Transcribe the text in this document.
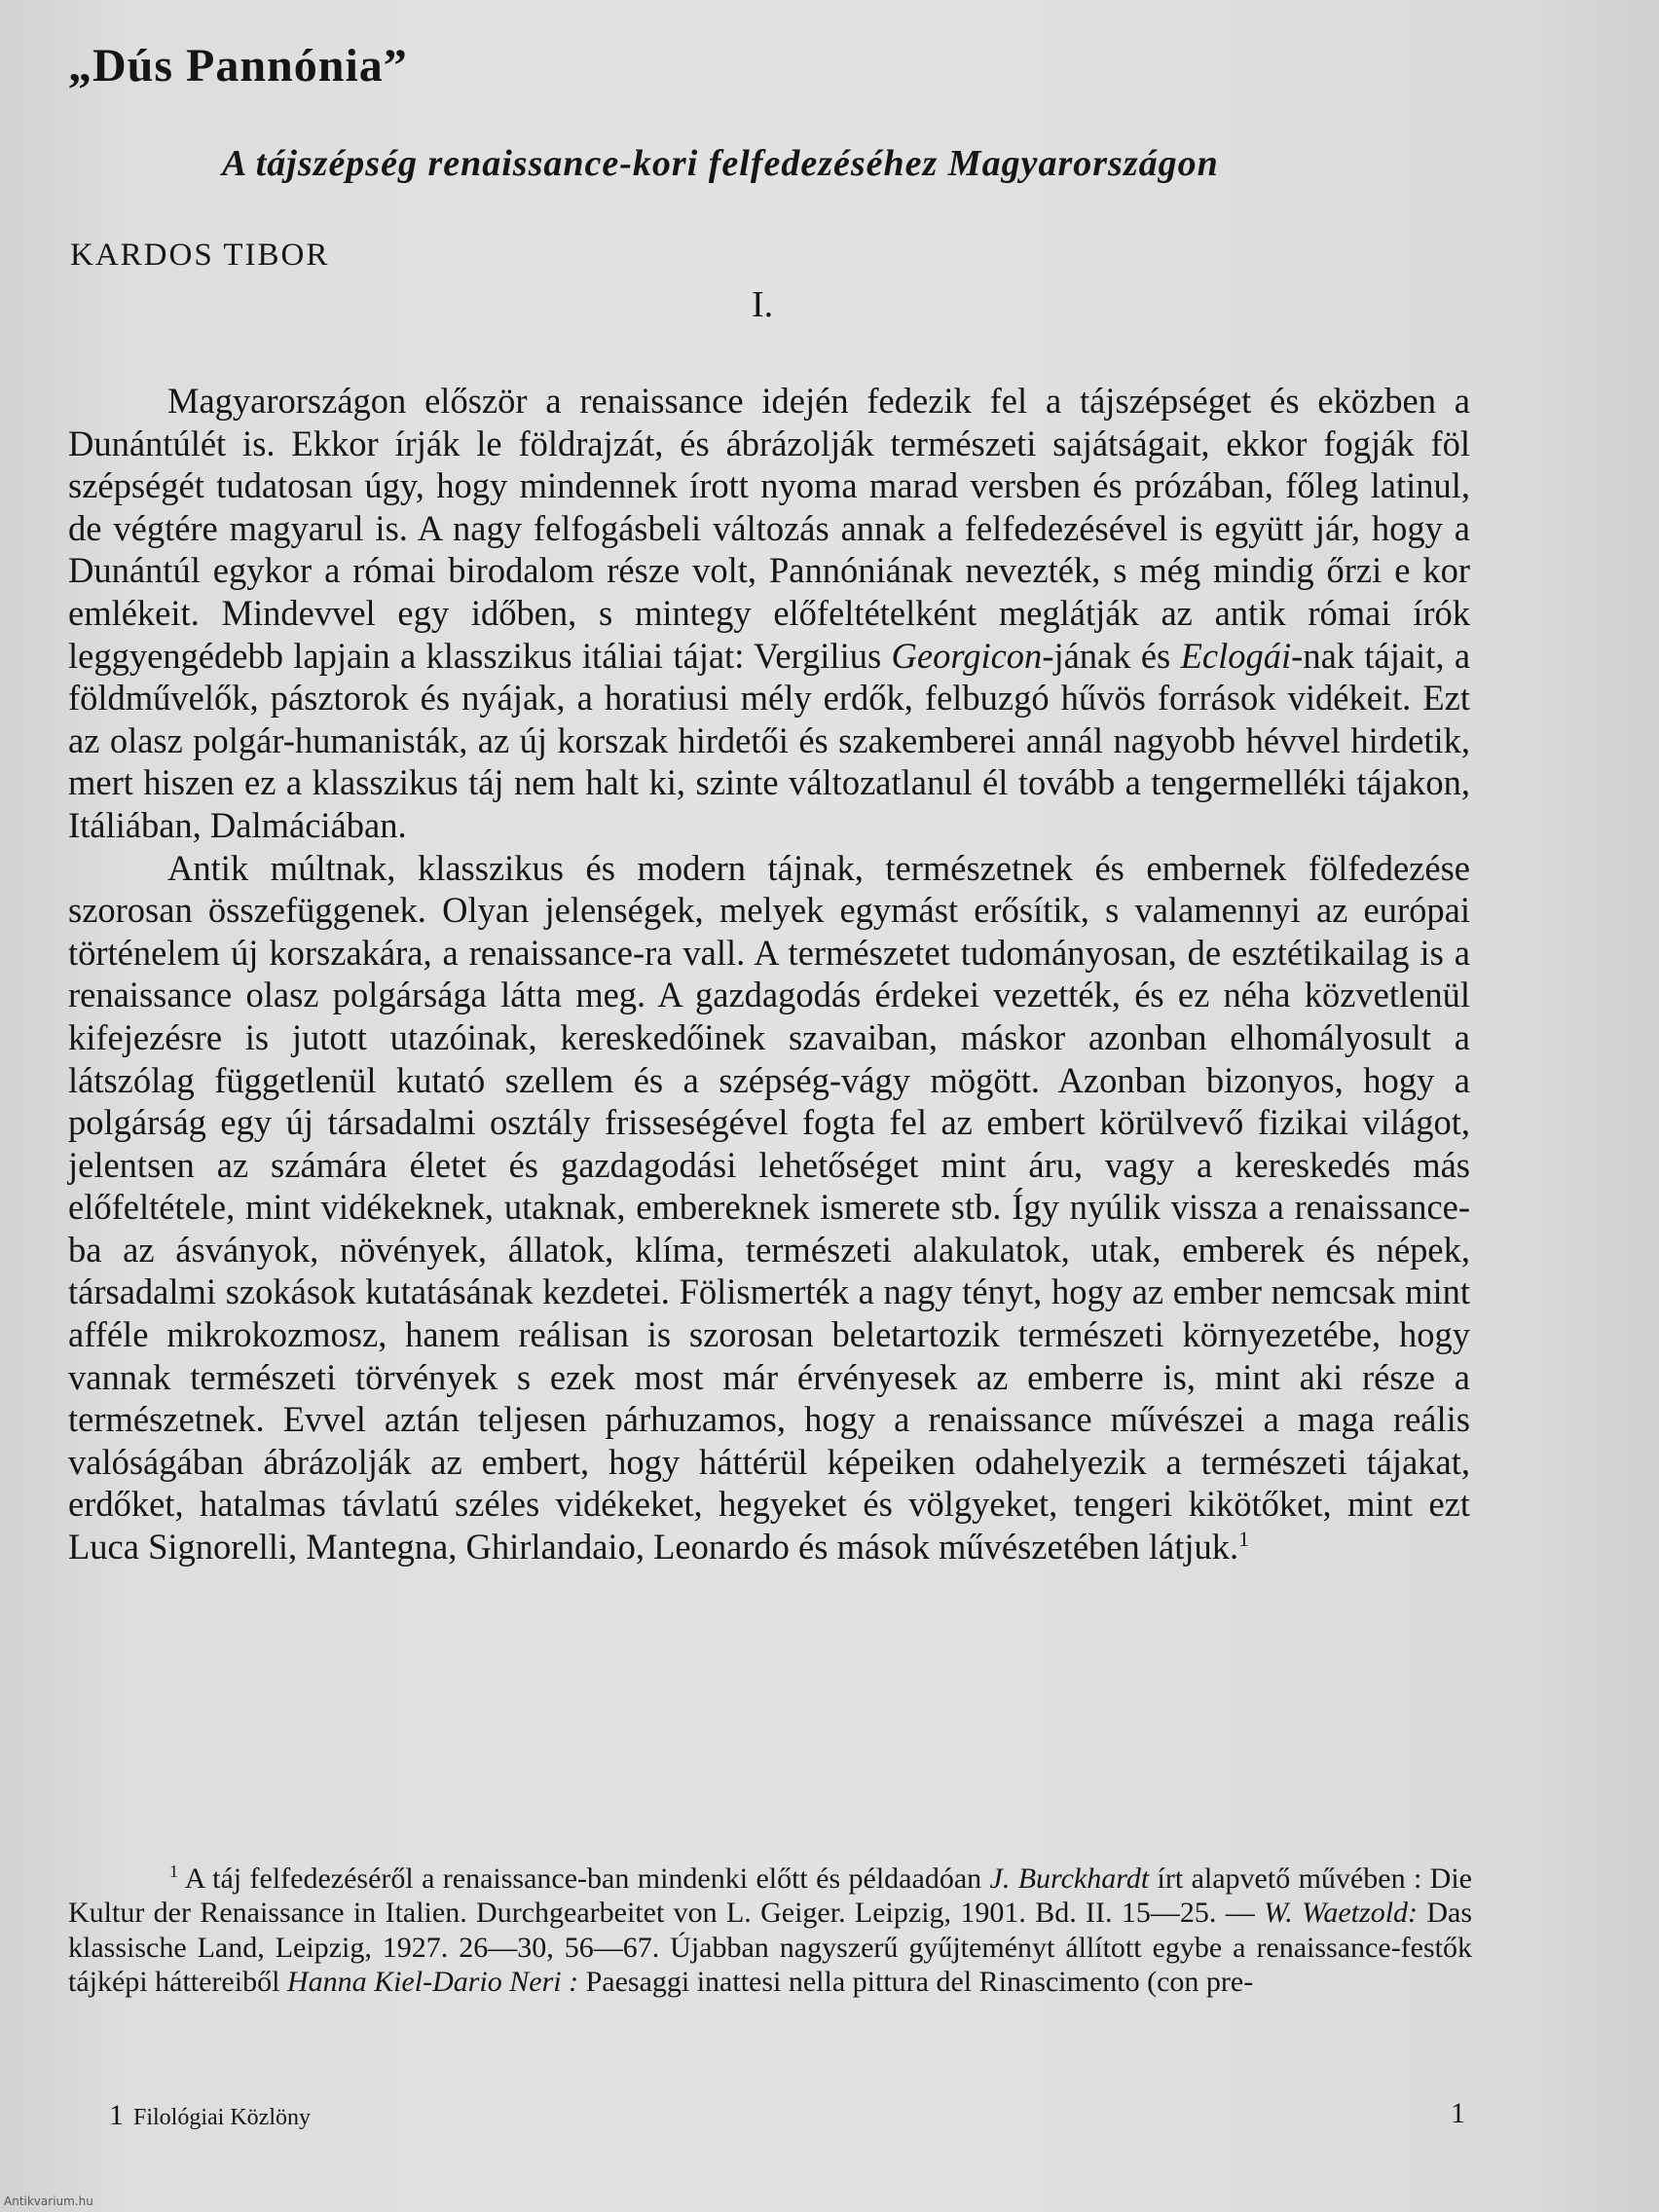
„Dús Pannónia”
A tájszépség renaissance-kori felfedezéséhez Magyarországon
KARDOS TIBOR
I.

Magyarországon először a renaissance idején fedezik fel a tájszépséget és eközben a Dunántúlét is. Ekkor írják le földrajzát, és ábrázolják természeti sajátságait, ekkor fogják föl szépségét tudatosan úgy, hogy mindennek írott nyoma marad versben és prózában, főleg latinul, de végtére magyarul is. A nagy felfogásbeli változás annak a felfedezésével is együtt jár, hogy a Dunántúl egykor a római birodalom része volt, Pannóniának nevezték, s még mindig őrzi e kor emlékeit. Mindevvel egy időben, s mintegy előfeltételként meglátják az antik római írók leggyengédebb lapjain a klasszikus itáliai tájat: Vergilius Georgicon-jának és Eclogái-nak tájait, a földművelők, pásztorok és nyájak, a horatiusi mély erdők, felbuzgó hűvös források vidékeit. Ezt az olasz polgár-humanisták, az új korszak hirdetői és szakemberei annál nagyobb hévvel hirdetik, mert hiszen ez a klasszikus táj nem halt ki, szinte változatlanul él tovább a tengermelléki tájakon, Itáliában, Dalmáciában.

Antik múltnak, klasszikus és modern tájnak, természetnek és embernek fölfedezése szorosan összefüggenek. Olyan jelenségek, melyek egymást erősítik, s valamennyi az európai történelem új korszakára, a renaissance-ra vall. A természetet tudományosan, de esztétikailag is a renaissance olasz polgársága látta meg. A gazdagodás érdekei vezették, és ez néha közvetlenül kifejezésre is jutott utazóinak, kereskedőinek szavaiban, máskor azonban elhomályosult a látszólag függetlenül kutató szellem és a szépség-vágy mögött. Azonban bizonyos, hogy a polgárság egy új társadalmi osztály frisseségével fogta fel az embert körülvevő fizikai világot, jelentsen az számára életet és gazdagodási lehetőséget mint áru, vagy a kereskedés más előfeltétele, mint vidékeknek, utaknak, embereknek ismerete stb. Így nyúlik vissza a renaissance-ba az ásványok, növények, állatok, klíma, természeti alakulatok, utak, emberek és népek, társadalmi szokások kutatásának kezdetei. Fölismerték a nagy tényt, hogy az ember nemcsak mint afféle mikrokozmosz, hanem reálisan is szorosan beletartozik természeti környezetébe, hogy vannak természeti törvények s ezek most már érvényesek az emberre is, mint aki része a természetnek. Evvel aztán teljesen párhuzamos, hogy a renaissance művészei a maga reális valóságában ábrázolják az embert, hogy háttérül képeiken odahelyezik a természeti tájakat, erdőket, hatalmas távlatú széles vidékeket, hegyeket és völgyeket, tengeri kikötőket, mint ezt Luca Signorelli, Mantegna, Ghirlandaio, Leonardo és mások művészetében látjuk.$^1$

$^1$ A táj felfedezéséről a renaissance-ban mindenki előtt és példaadóan J. Burckhardt írt alapvető művében : Die Kultur der Renaissance in Italien. Durchgearbeitet von L. Geiger. Leipzig, 1901. Bd. II. 15—25. — W. Waetzold: Das klassische Land, Leipzig, 1927. 26—30, 56—67. Újabban nagyszerű gyűjteményt állított egybe a renaissance-festők tájképi háttereiből Hanna Kiel-Dario Neri : Paesaggi inattesi nella pittura del Rinascimento (con pre-

1 Filológiai Közlöny	1
Antikvarium.hu
